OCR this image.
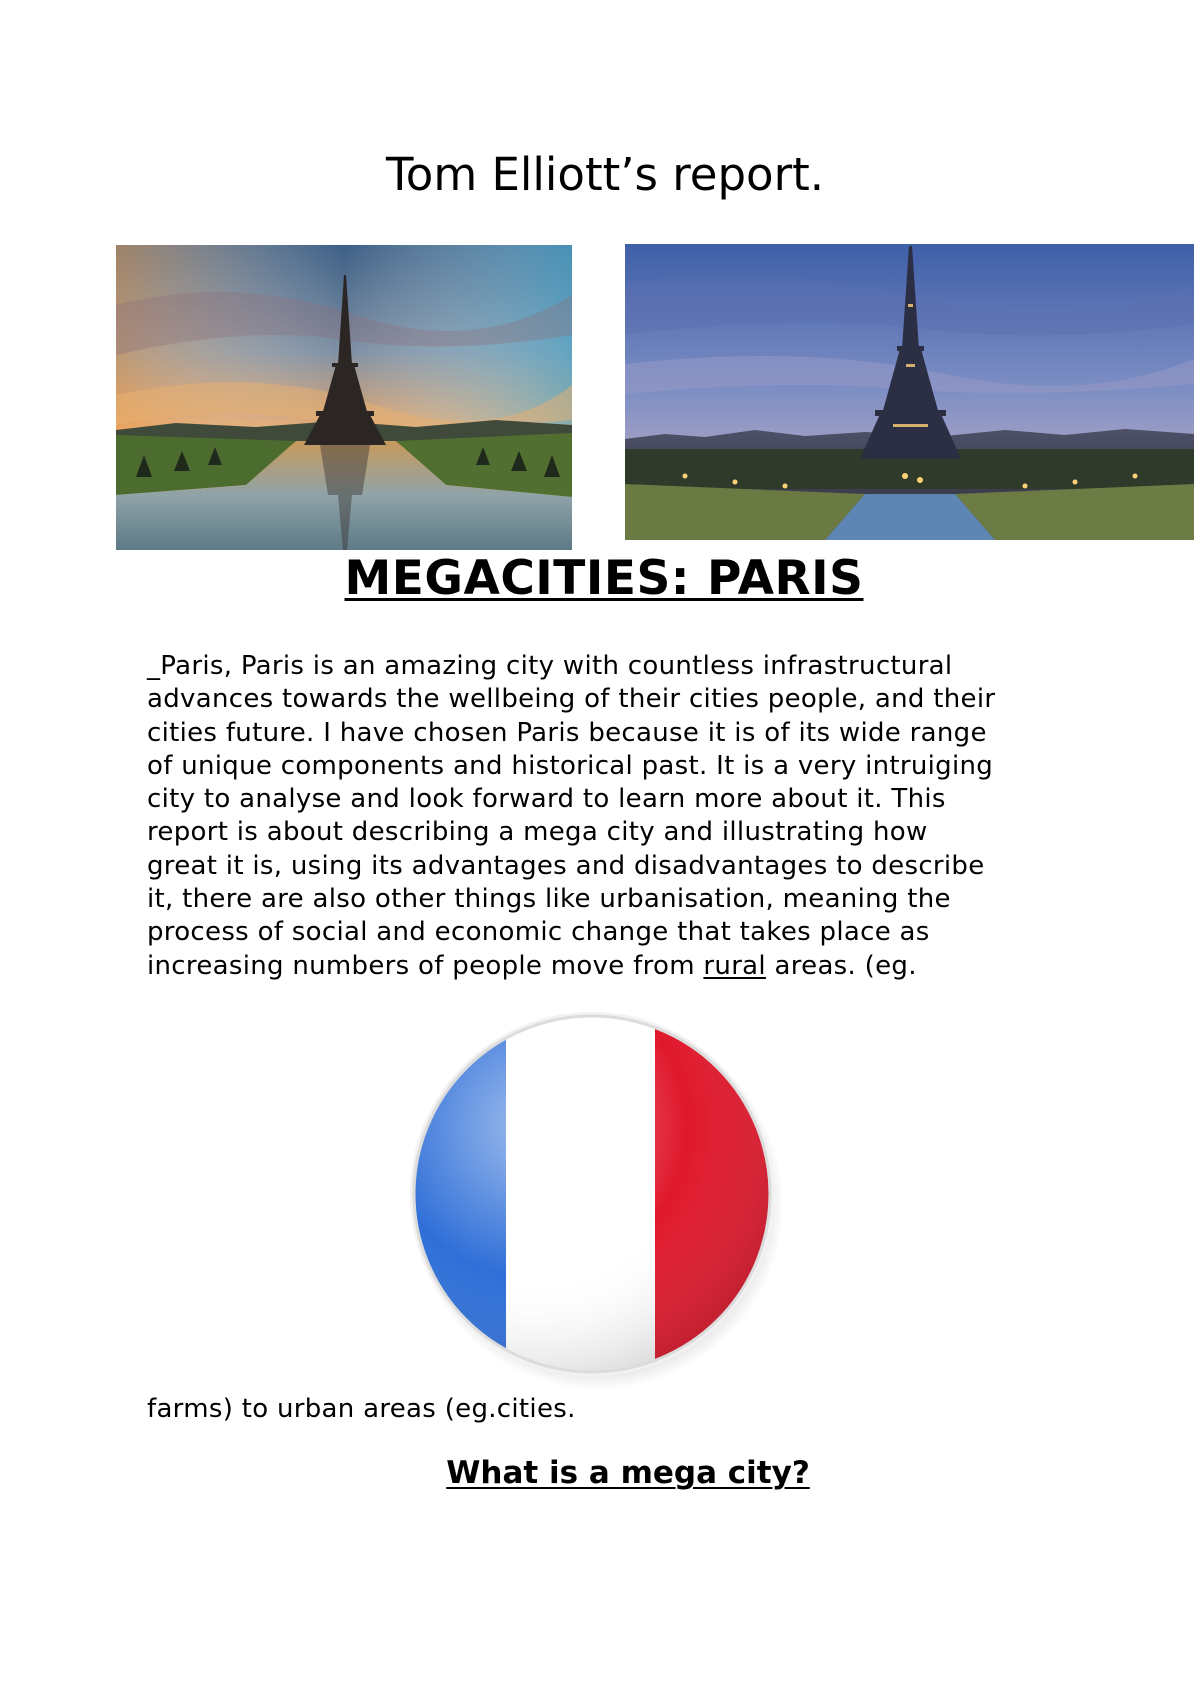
Tom Elliott’s report.
MEGACITIES: PARIS

_Paris, Paris is an amazing city with countless infrastructural
advances towards the wellbeing of their cities people, and their
cities future. I have chosen Paris because it is of its wide range
of unique components and historical past. It is a very intruiging
city to analyse and look forward to learn more about it. This
report is about describing a mega city and illustrating how
great it is, using its advantages and disadvantages to describe
it, there are also other things like urbanisation, meaning the
process of social and economic change that takes place as
increasing numbers of people move from rural areas. (eg.

farms) to urban areas (eg.cities.
What is a mega city?
